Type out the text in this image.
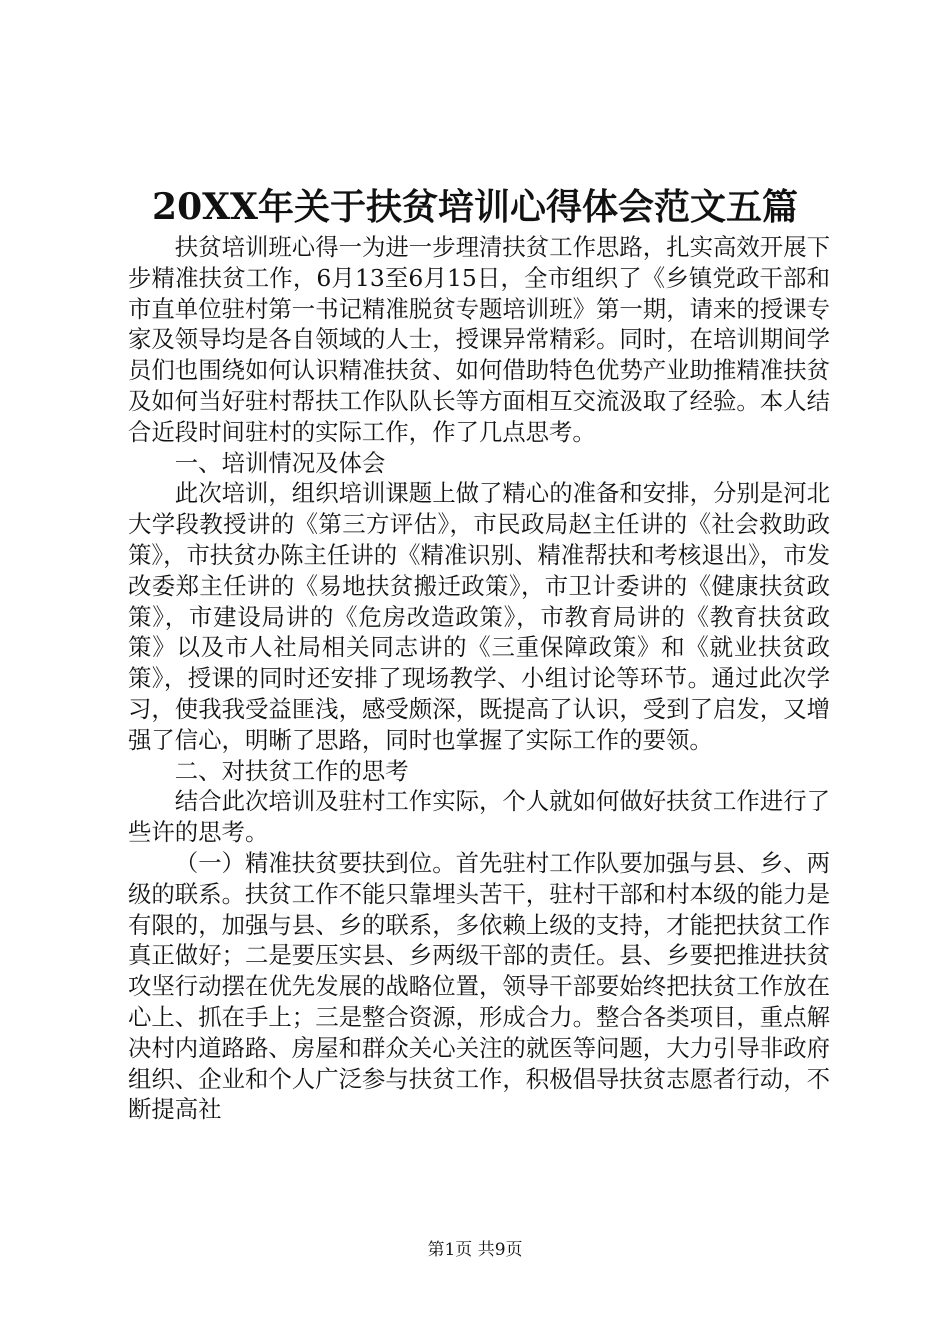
20XX年关于扶贫培训心得体会范文五篇

扶贫培训班心得一为进一步理清扶贫工作思路，扎实高效开展下步精准扶贫工作，6月13至6月15日，全市组织了《乡镇党政干部和市直单位驻村第一书记精准脱贫专题培训班》第一期，请来的授课专家及领导均是各自领域的人士，授课异常精彩。同时，在培训期间学员们也围绕如何认识精准扶贫、如何借助特色优势产业助推精准扶贫及如何当好驻村帮扶工作队队长等方面相互交流汲取了经验。本人结合近段时间驻村的实际工作，作了几点思考。

一、培训情况及体会

此次培训，组织培训课题上做了精心的准备和安排，分别是河北大学段教授讲的《第三方评估》，市民政局赵主任讲的《社会救助政策》，市扶贫办陈主任讲的《精准识别、精准帮扶和考核退出》，市发改委郑主任讲的《易地扶贫搬迁政策》，市卫计委讲的《健康扶贫政策》，市建设局讲的《危房改造政策》，市教育局讲的《教育扶贫政策》以及市人社局相关同志讲的《三重保障政策》和《就业扶贫政策》，授课的同时还安排了现场教学、小组讨论等环节。通过此次学习，使我我受益匪浅，感受颇深，既提高了认识，受到了启发，又增强了信心，明晰了思路，同时也掌握了实际工作的要领。

二、对扶贫工作的思考

结合此次培训及驻村工作实际，个人就如何做好扶贫工作进行了些许的思考。

（一）精准扶贫要扶到位。首先驻村工作队要加强与县、乡、两级的联系。扶贫工作不能只靠埋头苦干，驻村干部和村本级的能力是有限的，加强与县、乡的联系，多依赖上级的支持，才能把扶贫工作真正做好；二是要压实县、乡两级干部的责任。县、乡要把推进扶贫攻坚行动摆在优先发展的战略位置，领导干部要始终把扶贫工作放在心上、抓在手上；三是整合资源，形成合力。整合各类项目，重点解决村内道路路、房屋和群众关心关注的就医等问题，大力引导非政府组织、企业和个人广泛参与扶贫工作，积极倡导扶贫志愿者行动，不断提高社

第1页 共9页
